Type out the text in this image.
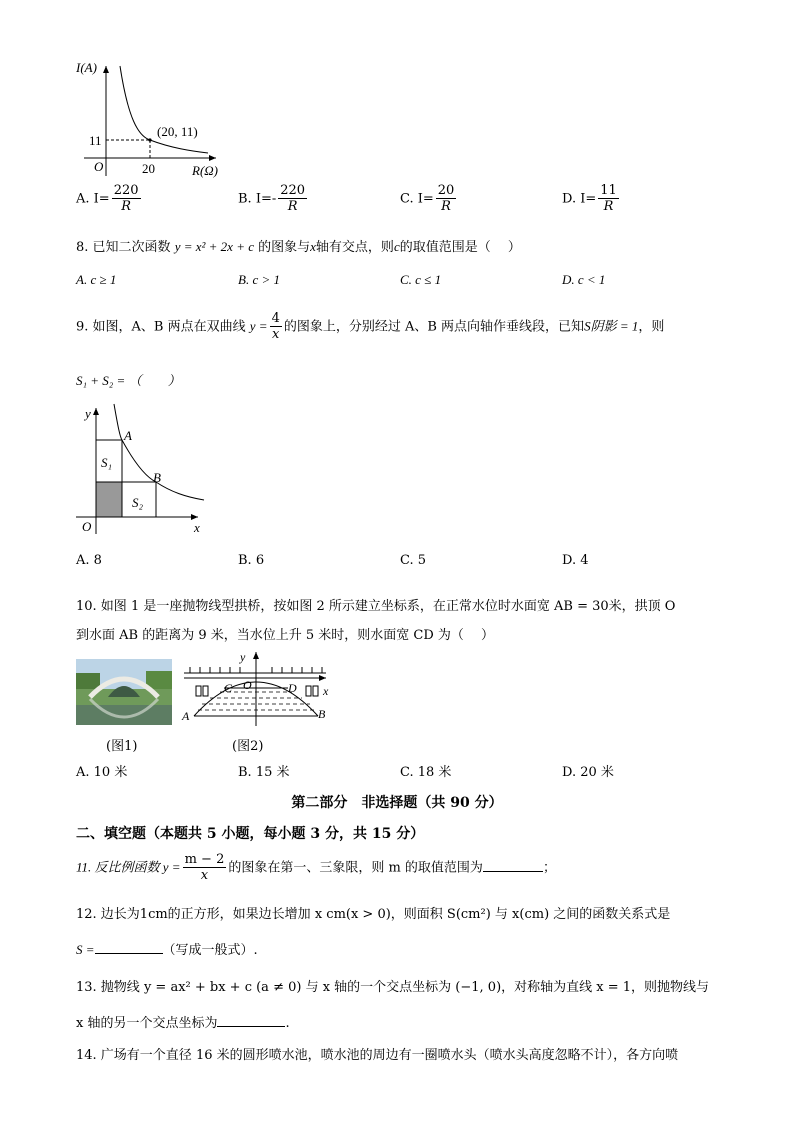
I(A)
11
O	20
(20, 11)
R(Ω)
A. $I= \frac{220}{R}$	B. $I=- \frac{220}{R}$	C. $I= \frac{20}{R}$	D. $I= \frac{11}{R}$
8. 已知二次函数 y = x² + 2x + c 的图象与x轴有交点，则c的取值范围是（　 ）
A. c ≥ 1	B. c > 1	C. c ≤ 1	D. c < 1
9. 如图，A、B 两点在双曲线 $y = \frac{4}{x}$ 的图象上，分别经过 A、B 两点向轴作垂线段，已知S阴影 = 1，则
S₁ + S₂ = （　　）
y
A
S₁
B
S₂
O	x
A. 8	B. 6	C. 5	D. 4
10. 如图 1 是一座抛物线型拱桥，按如图 2 所示建立坐标系，在正常水位时水面宽 AB = 30米，拱顶 O
到水面 AB 的距离为 9 米，当水位上升 5 米时，则水面宽 CD 为（　 ）
(图1)
y
C O	D x
A	B
(图2)
A. 10 米	B. 15 米	C. 18 米	D. 20 米
第二部分　非选择题（共 90 分）
二、填空题（本题共 5 小题，每小题 3 分，共 15 分）
11. 反比例函数 $y = \frac{m - 2}{x}$ 的图象在第一、三象限，则 m 的取值范围为	；
12. 边长为1cm的正方形，如果边长增加 x cm(x > 0)，则面积 S(cm²) 与 x(cm) 之间的函数关系式是
S =	（写成一般式）.
13. 抛物线 y = ax² + bx + c (a ≠ 0) 与 x 轴的一个交点坐标为 (−1, 0)，对称轴为直线 x = 1，则抛物线与
x 轴的另一个交点坐标为	.
14. 广场有一个直径 16 米的圆形喷水池，喷水池的周边有一圈喷水头（喷水头高度忽略不计），各方向喷
